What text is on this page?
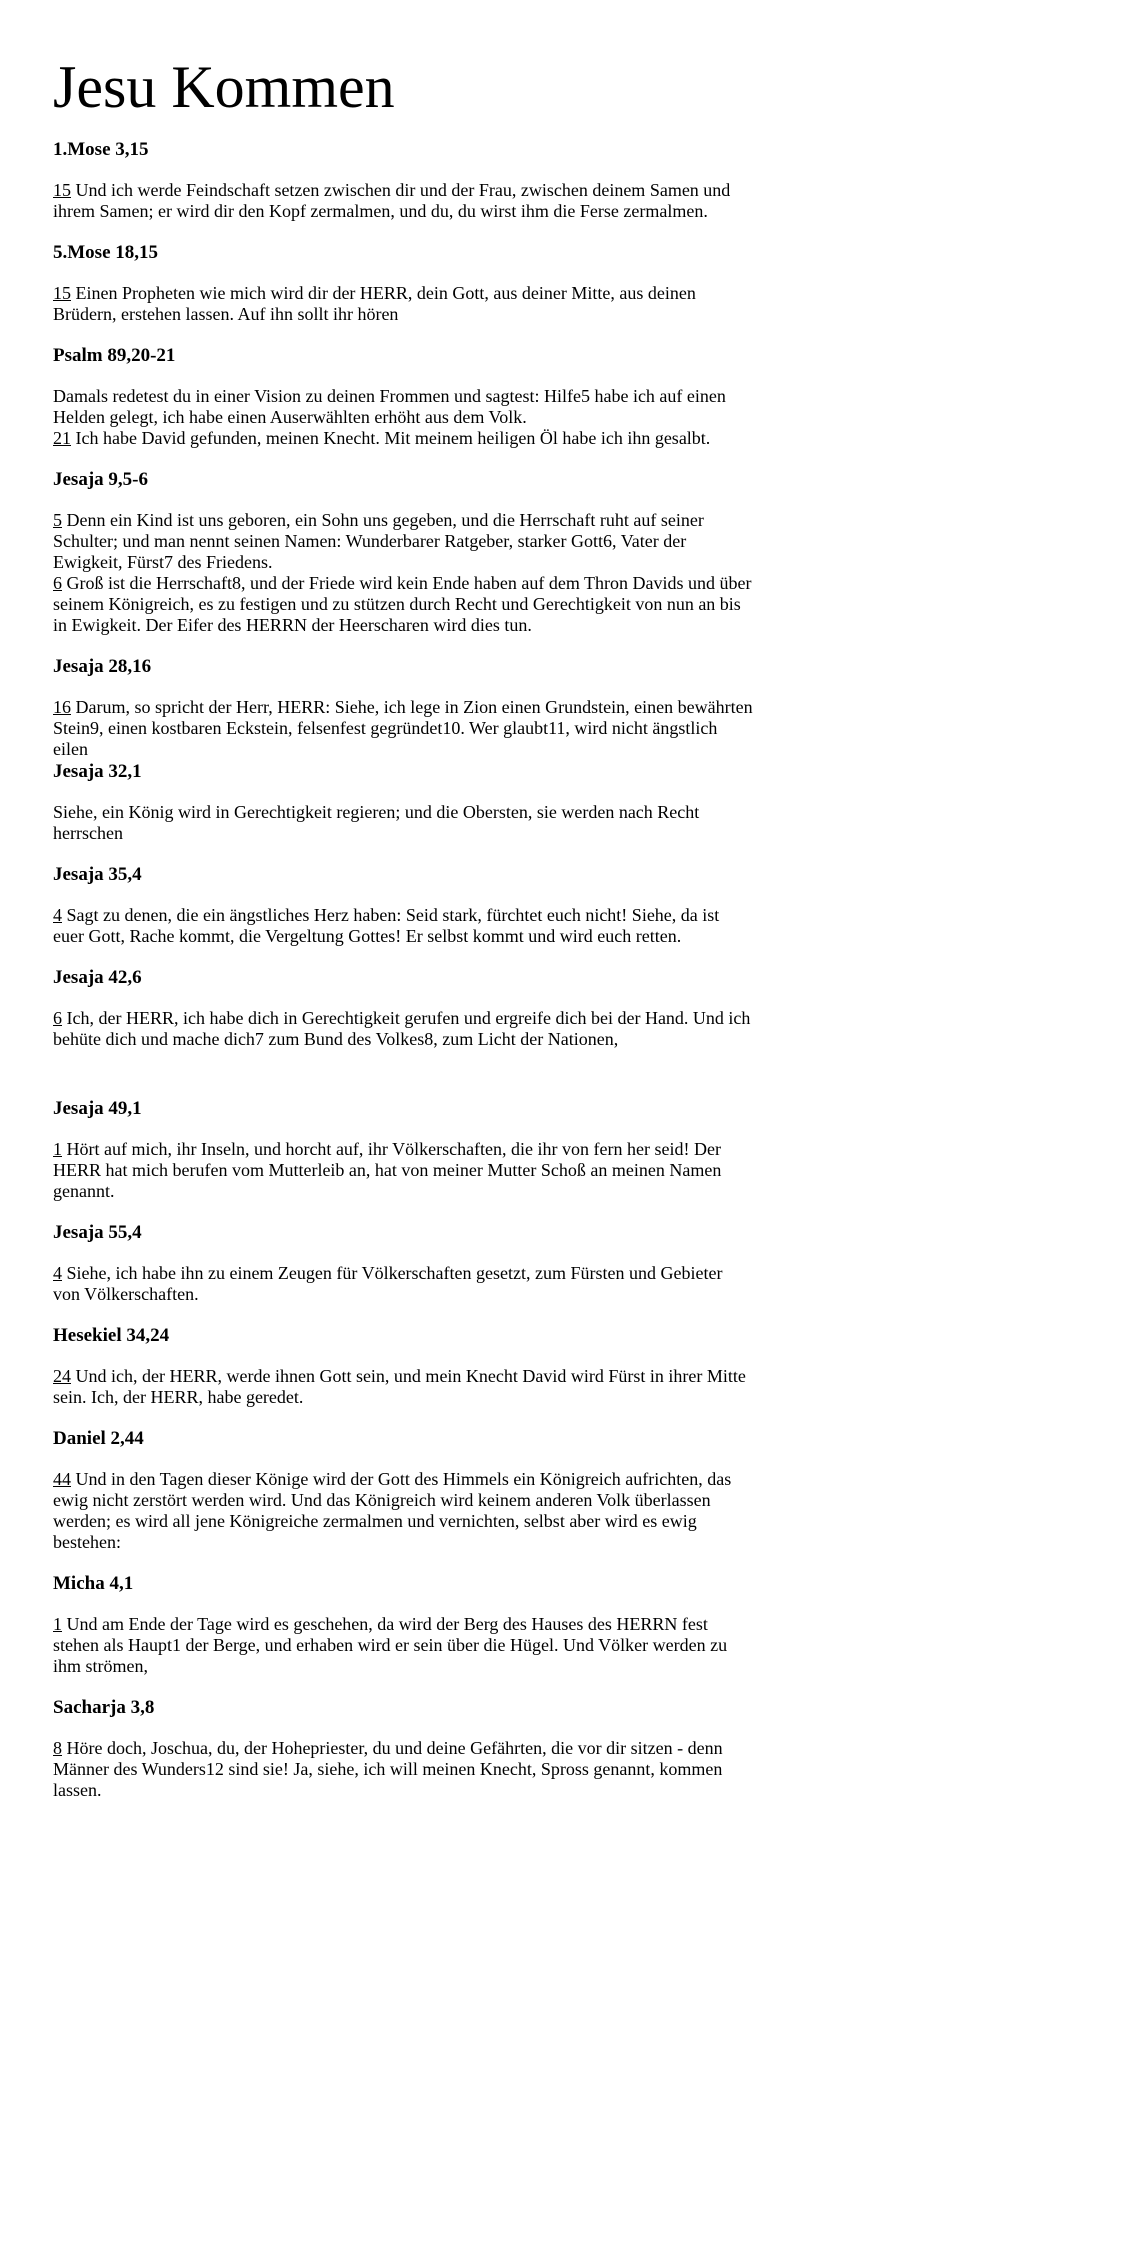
Jesu Kommen
1.Mose 3,15
15 Und ich werde Feindschaft setzen zwischen dir und der Frau, zwischen deinem Samen und ihrem Samen; er wird dir den Kopf zermalmen, und du, du wirst ihm die Ferse zermalmen.
5.Mose 18,15
15 Einen Propheten wie mich wird dir der HERR, dein Gott, aus deiner Mitte, aus deinen Brüdern, erstehen lassen. Auf ihn sollt ihr hören
Psalm 89,20-21
Damals redetest du in einer Vision zu deinen Frommen und sagtest: Hilfe5 habe ich auf einen Helden gelegt, ich habe einen Auserwählten erhöht aus dem Volk.
21 Ich habe David gefunden, meinen Knecht. Mit meinem heiligen Öl habe ich ihn gesalbt.
Jesaja 9,5-6
5 Denn ein Kind ist uns geboren, ein Sohn uns gegeben, und die Herrschaft ruht auf seiner Schulter; und man nennt seinen Namen: Wunderbarer Ratgeber, starker Gott6, Vater der Ewigkeit, Fürst7 des Friedens.
6 Groß ist die Herrschaft8, und der Friede wird kein Ende haben auf dem Thron Davids und über seinem Königreich, es zu festigen und zu stützen durch Recht und Gerechtigkeit von nun an bis in Ewigkeit. Der Eifer des HERRN der Heerscharen wird dies tun.
Jesaja 28,16
16 Darum, so spricht der Herr, HERR: Siehe, ich lege in Zion einen Grundstein, einen bewährten Stein9, einen kostbaren Eckstein, felsenfest gegründet10. Wer glaubt11, wird nicht ängstlich eilen
Jesaja 32,1
Siehe, ein König wird in Gerechtigkeit regieren; und die Obersten, sie werden nach Recht herrschen
Jesaja 35,4
4 Sagt zu denen, die ein ängstliches Herz haben: Seid stark, fürchtet euch nicht! Siehe, da ist euer Gott, Rache kommt, die Vergeltung Gottes! Er selbst kommt und wird euch retten.
Jesaja 42,6
6 Ich, der HERR, ich habe dich in Gerechtigkeit gerufen und ergreife dich bei der Hand. Und ich behüte dich und mache dich7 zum Bund des Volkes8, zum Licht der Nationen,
Jesaja 49,1
1 Hört auf mich, ihr Inseln, und horcht auf, ihr Völkerschaften, die ihr von fern her seid! Der HERR hat mich berufen vom Mutterleib an, hat von meiner Mutter Schoß an meinen Namen genannt.
Jesaja 55,4
4 Siehe, ich habe ihn zu einem Zeugen für Völkerschaften gesetzt, zum Fürsten und Gebieter von Völkerschaften.
Hesekiel 34,24
24 Und ich, der HERR, werde ihnen Gott sein, und mein Knecht David wird Fürst in ihrer Mitte sein. Ich, der HERR, habe geredet.
Daniel 2,44
44 Und in den Tagen dieser Könige wird der Gott des Himmels ein Königreich aufrichten, das ewig nicht zerstört werden wird. Und das Königreich wird keinem anderen Volk überlassen werden; es wird all jene Königreiche zermalmen und vernichten, selbst aber wird es ewig bestehen:
Micha 4,1
1 Und am Ende der Tage wird es geschehen, da wird der Berg des Hauses des HERRN fest stehen als Haupt1 der Berge, und erhaben wird er sein über die Hügel. Und Völker werden zu ihm strömen,
Sacharja 3,8
8 Höre doch, Joschua, du, der Hohepriester, du und deine Gefährten, die vor dir sitzen - denn Männer des Wunders12 sind sie! Ja, siehe, ich will meinen Knecht, Spross genannt, kommen lassen.
